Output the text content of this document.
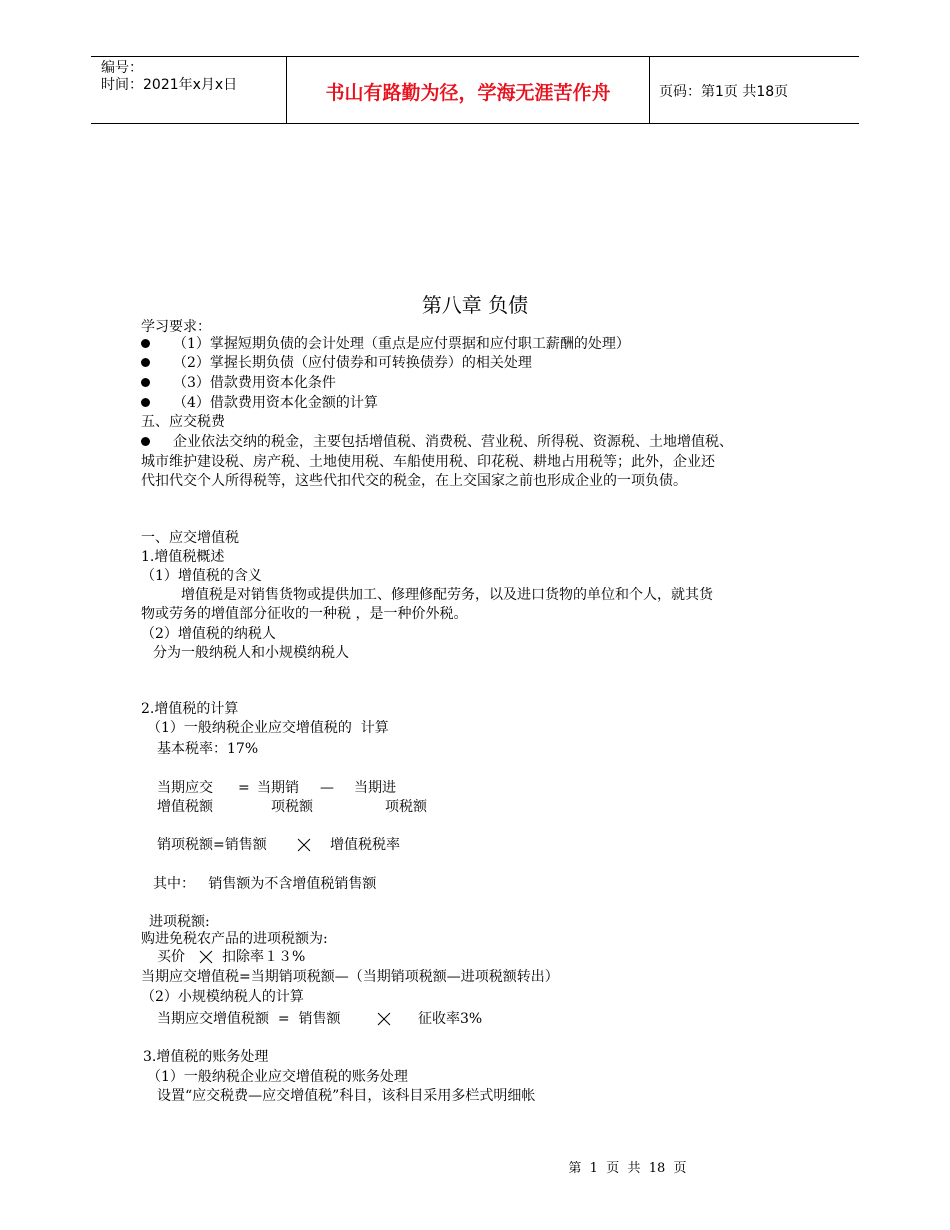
编号：
时间：2021年x月x日	书山有路勤为径，学海无涯苦作舟	页码：第1页 共18页
第八章 负债
学习要求：
（1）掌握短期负债的会计处理（重点是应付票据和应付职工薪酬的处理）
（2）掌握长期负债（应付债券和可转换债券）的相关处理
（3）借款费用资本化条件
（4）借款费用资本化金额的计算
五、应交税费
企业依法交纳的税金，主要包括增值税、消费税、营业税、所得税、资源税、土地增值税、
城市维护建设税、房产税、土地使用税、车船使用税、印花税、耕地占用税等；此外，企业还
代扣代交个人所得税等，这些代扣代交的税金，在上交国家之前也形成企业的一项负债。
一、应交增值税
1.增值税概述
（1）增值税的含义
增值税是对销售货物或提供加工、修理修配劳务，以及进口货物的单位和个人，就其货
物或劳务的增值部分征收的一种税 ，是一种价外税。
（2）增值税的纳税人
分为一般纳税人和小规模纳税人
2.增值税的计算
（1）一般纳税企业应交增值税的  计算
基本税率：17%
当期应交 = 当期销 — 当期进
增值税额	项税额	项税额
销项税额=销售额	增值税税率
其中：   销售额为不含增值税销售额
进项税额:
购进免税农产品的进项税额为:
买价	扣除率１３%
当期应交增值税=当期销项税额—（当期销项税额—进项税额转出）
（2）小规模纳税人的计算
当期应交增值税额  =  销售额	征收率3%
3.增值税的账务处理
（1）一般纳税企业应交增值税的账务处理
设置“应交税费—应交增值税”科目，该科目采用多栏式明细帐
第  1  页  共  18  页
